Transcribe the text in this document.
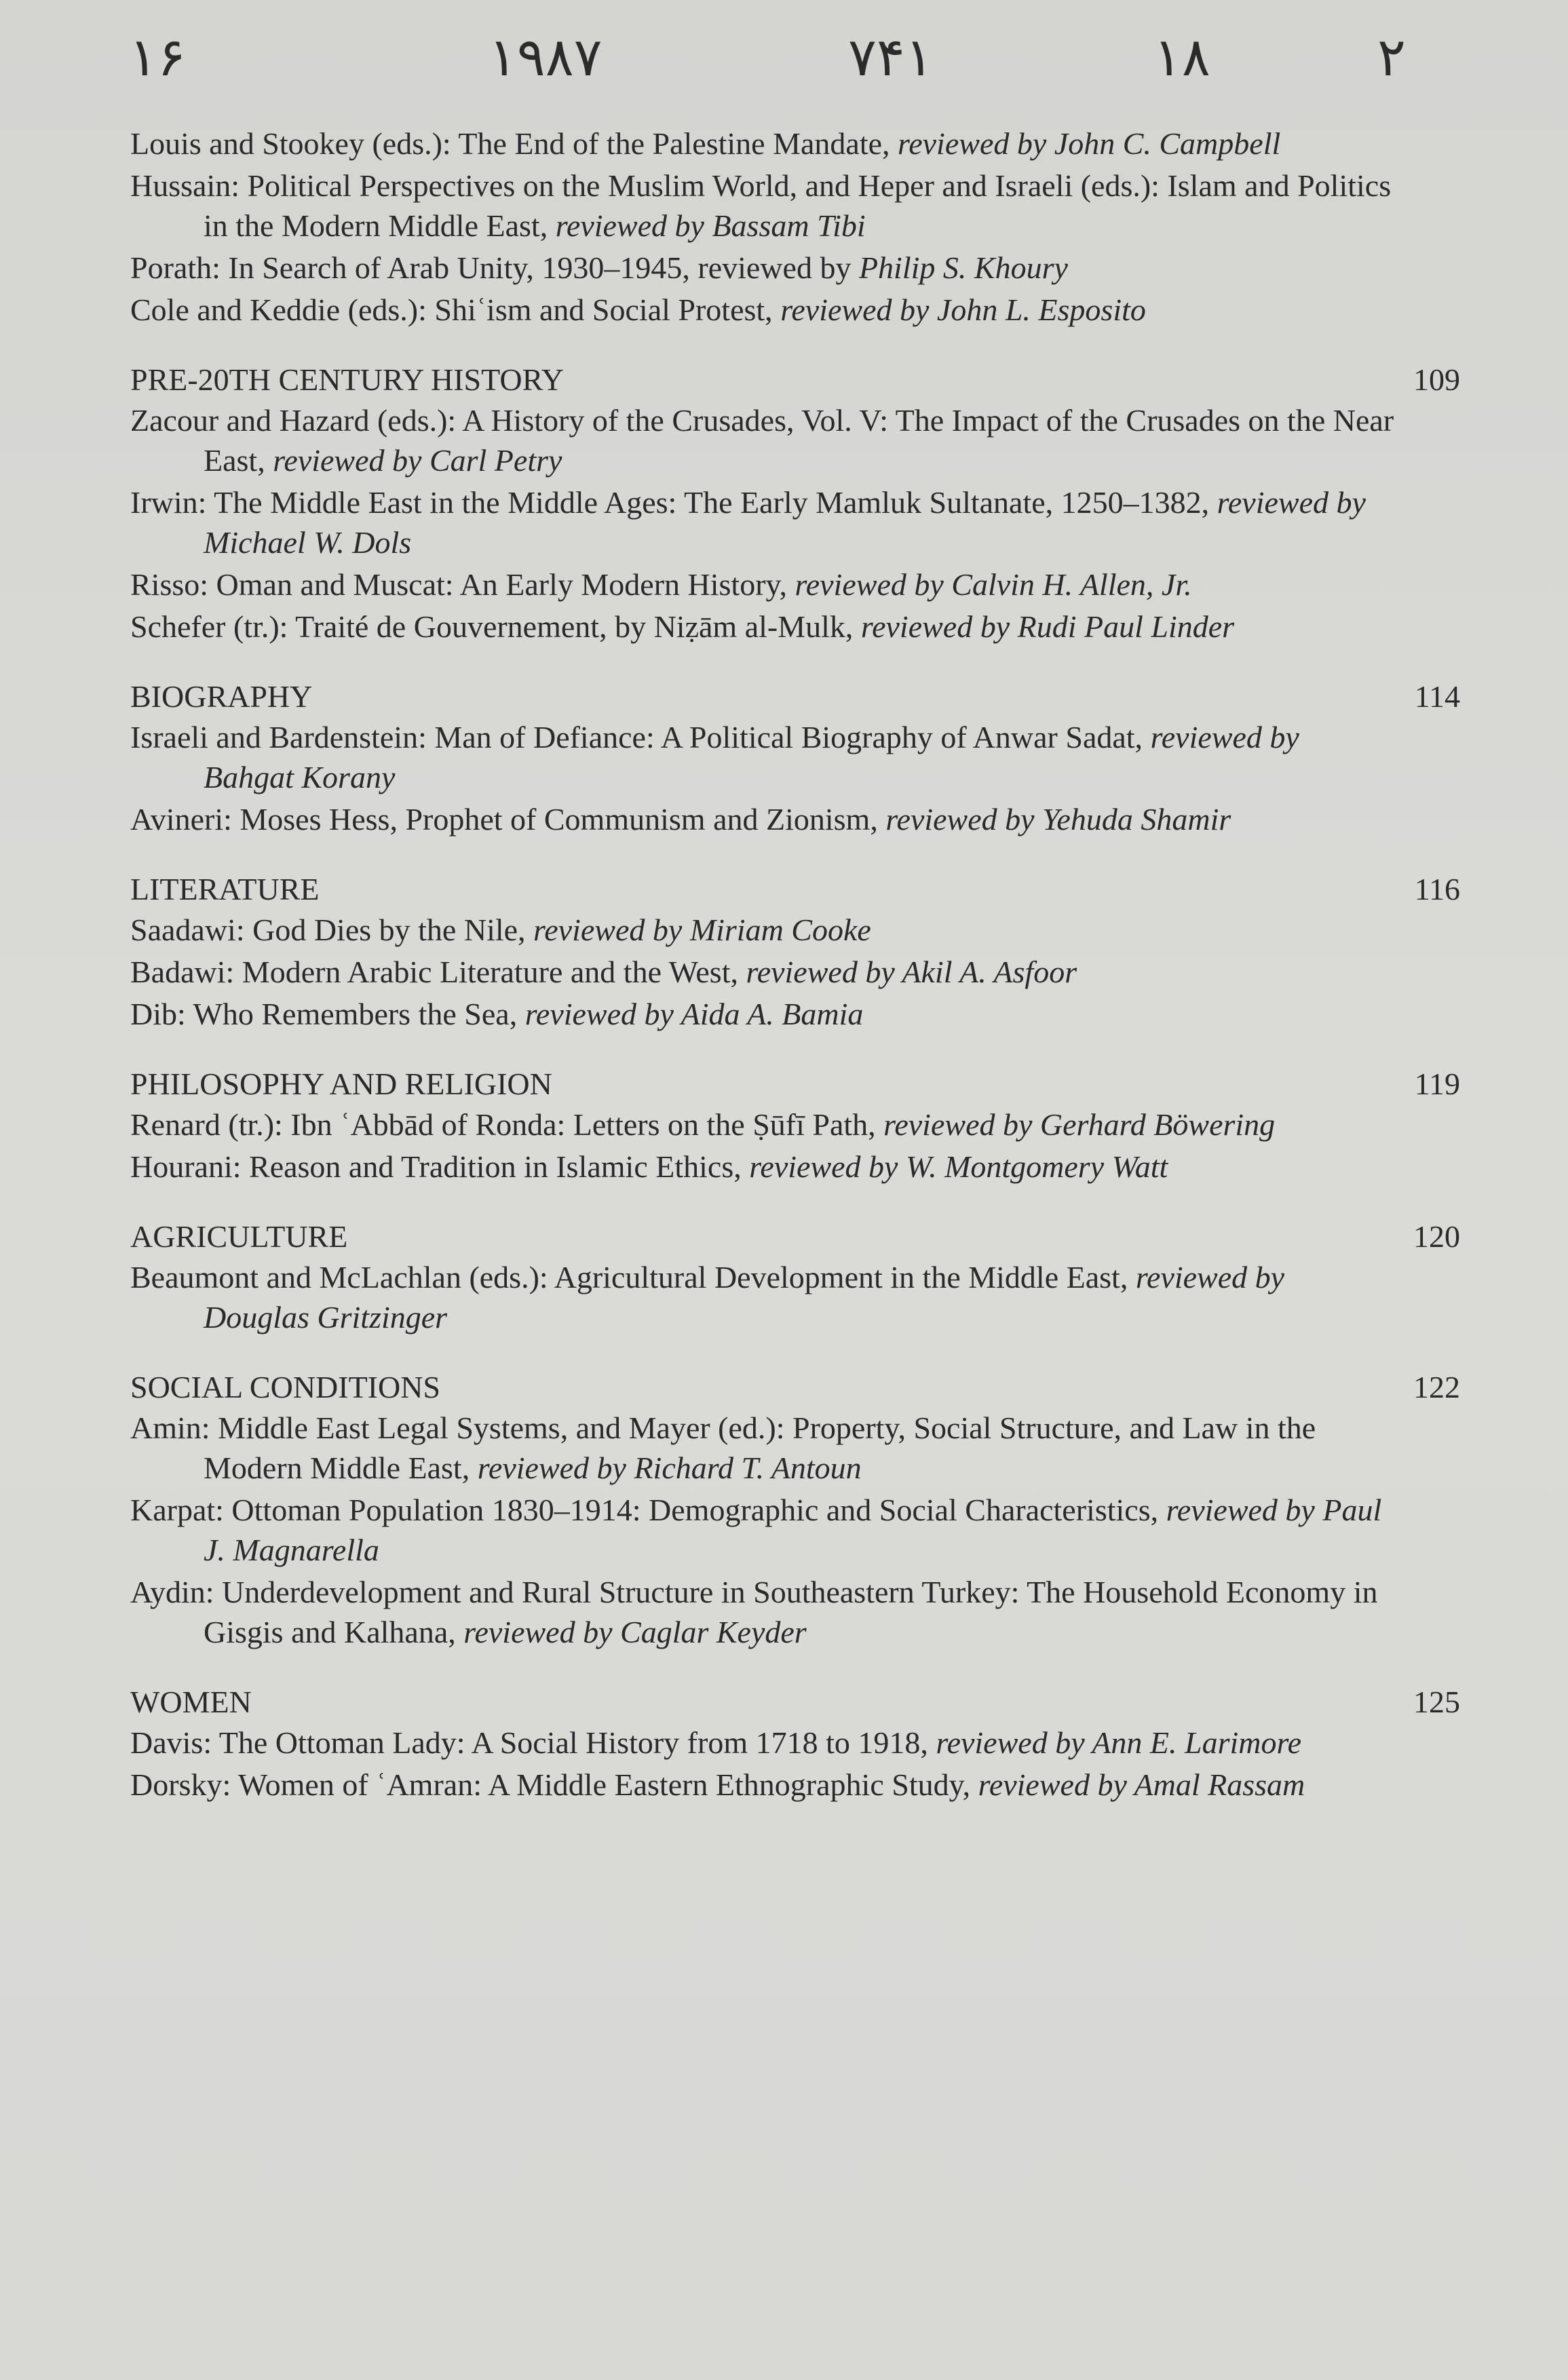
۱۶	۱۹۸۷	۷۴۱	۱۸	۲

Louis and Stookey (eds.): The End of the Palestine Mandate, reviewed by John C. Campbell

Hussain: Political Perspectives on the Muslim World, and Heper and Israeli (eds.): Islam and Politics in the Modern Middle East, reviewed by Bassam Tibi

Porath: In Search of Arab Unity, 1930–1945, reviewed by Philip S. Khoury

Cole and Keddie (eds.): Shiʿism and Social Protest, reviewed by John L. Esposito

PRE-20TH CENTURY HISTORY	109

Zacour and Hazard (eds.): A History of the Crusades, Vol. V: The Impact of the Crusades on the Near East, reviewed by Carl Petry

Irwin: The Middle East in the Middle Ages: The Early Mamluk Sultanate, 1250–1382, reviewed by Michael W. Dols

Risso: Oman and Muscat: An Early Modern History, reviewed by Calvin H. Allen, Jr.

Schefer (tr.): Traité de Gouvernement, by Niẓām al-Mulk, reviewed by Rudi Paul Linder

BIOGRAPHY	114

Israeli and Bardenstein: Man of Defiance: A Political Biography of Anwar Sadat, reviewed by Bahgat Korany

Avineri: Moses Hess, Prophet of Communism and Zionism, reviewed by Yehuda Shamir

LITERATURE	116

Saadawi: God Dies by the Nile, reviewed by Miriam Cooke

Badawi: Modern Arabic Literature and the West, reviewed by Akil A. Asfoor

Dib: Who Remembers the Sea, reviewed by Aida A. Bamia

PHILOSOPHY AND RELIGION	119

Renard (tr.): Ibn ʿAbbād of Ronda: Letters on the Ṣūfī Path, reviewed by Gerhard Böwering

Hourani: Reason and Tradition in Islamic Ethics, reviewed by W. Montgomery Watt

AGRICULTURE	120

Beaumont and McLachlan (eds.): Agricultural Development in the Middle East, reviewed by Douglas Gritzinger

SOCIAL CONDITIONS	122

Amin: Middle East Legal Systems, and Mayer (ed.): Property, Social Structure, and Law in the Modern Middle East, reviewed by Richard T. Antoun

Karpat: Ottoman Population 1830–1914: Demographic and Social Characteristics, reviewed by Paul J. Magnarella

Aydin: Underdevelopment and Rural Structure in Southeastern Turkey: The Household Economy in Gisgis and Kalhana, reviewed by Caglar Keyder

WOMEN	125

Davis: The Ottoman Lady: A Social History from 1718 to 1918, reviewed by Ann E. Larimore

Dorsky: Women of ʿAmran: A Middle Eastern Ethnographic Study, reviewed by Amal Rassam
